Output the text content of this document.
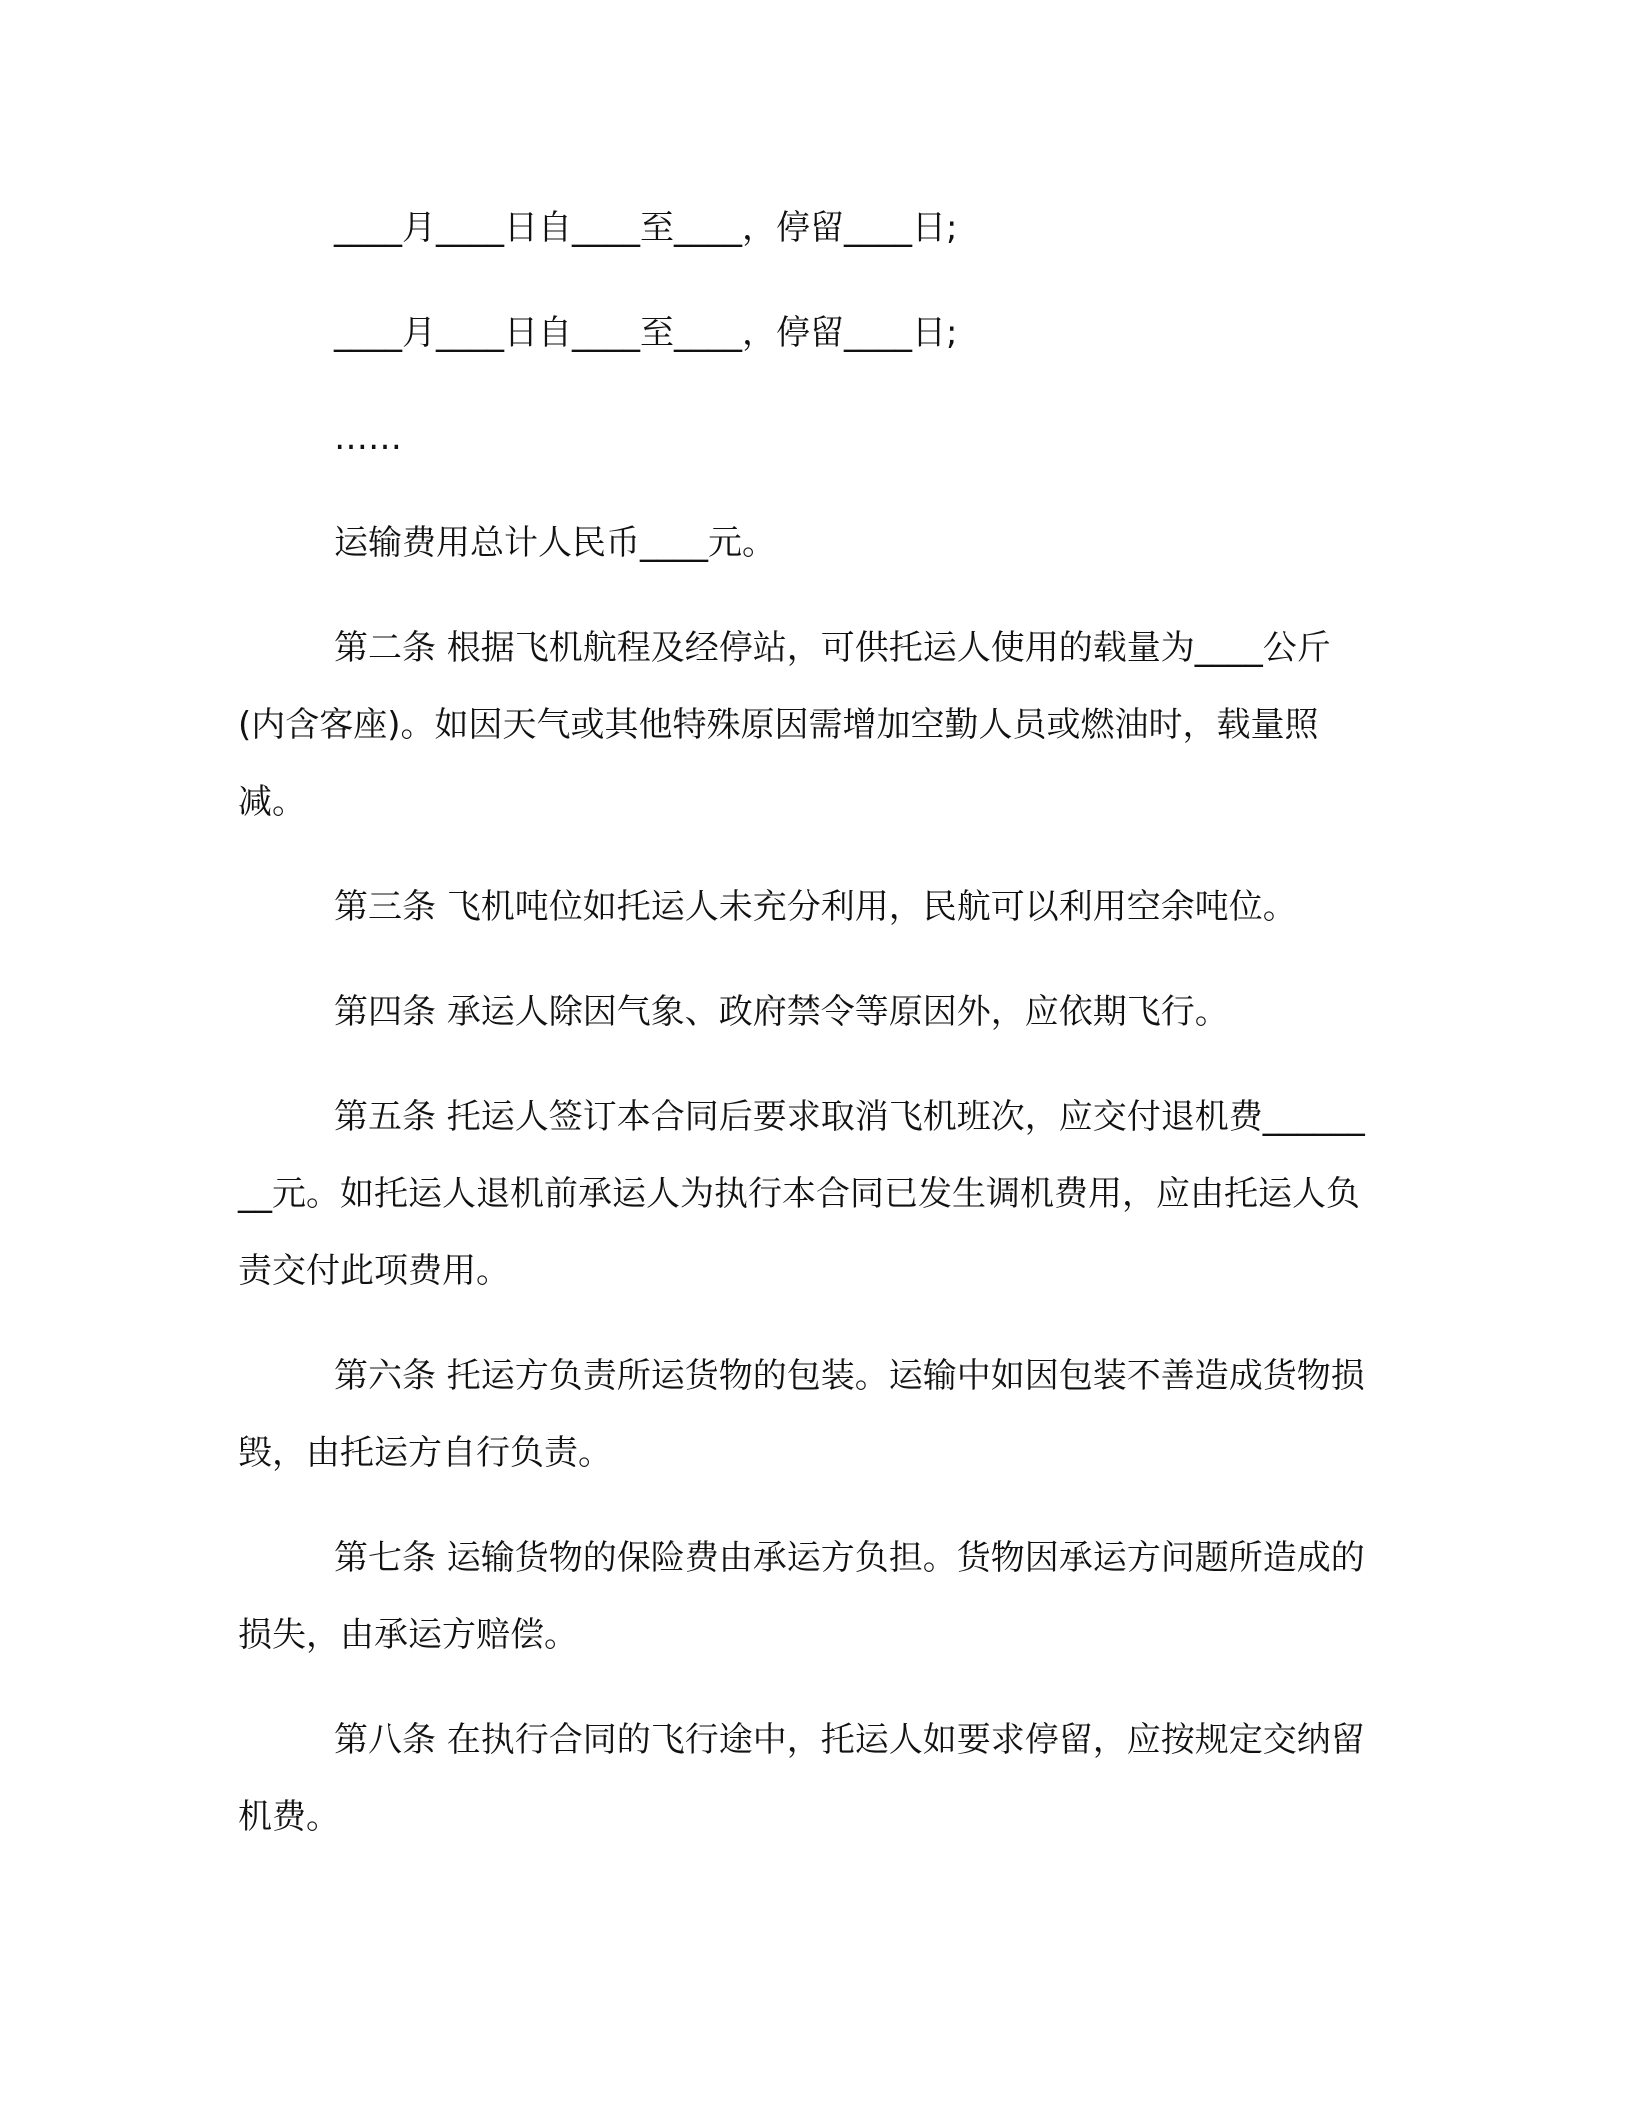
____月____日自____至____，停留____日;

____月____日自____至____，停留____日;

……

运输费用总计人民币____元。

第二条 根据飞机航程及经停站，可供托运人使用的载量为____公斤(内含客座)。如因天气或其他特殊原因需增加空勤人员或燃油时，载量照减。

第三条 飞机吨位如托运人未充分利用，民航可以利用空余吨位。

第四条 承运人除因气象、政府禁令等原因外，应依期飞行。

第五条 托运人签订本合同后要求取消飞机班次，应交付退机费________元。如托运人退机前承运人为执行本合同已发生调机费用，应由托运人负责交付此项费用。

第六条 托运方负责所运货物的包装。运输中如因包装不善造成货物损毁，由托运方自行负责。

第七条 运输货物的保险费由承运方负担。货物因承运方问题所造成的损失，由承运方赔偿。

第八条 在执行合同的飞行途中，托运人如要求停留，应按规定交纳留机费。
